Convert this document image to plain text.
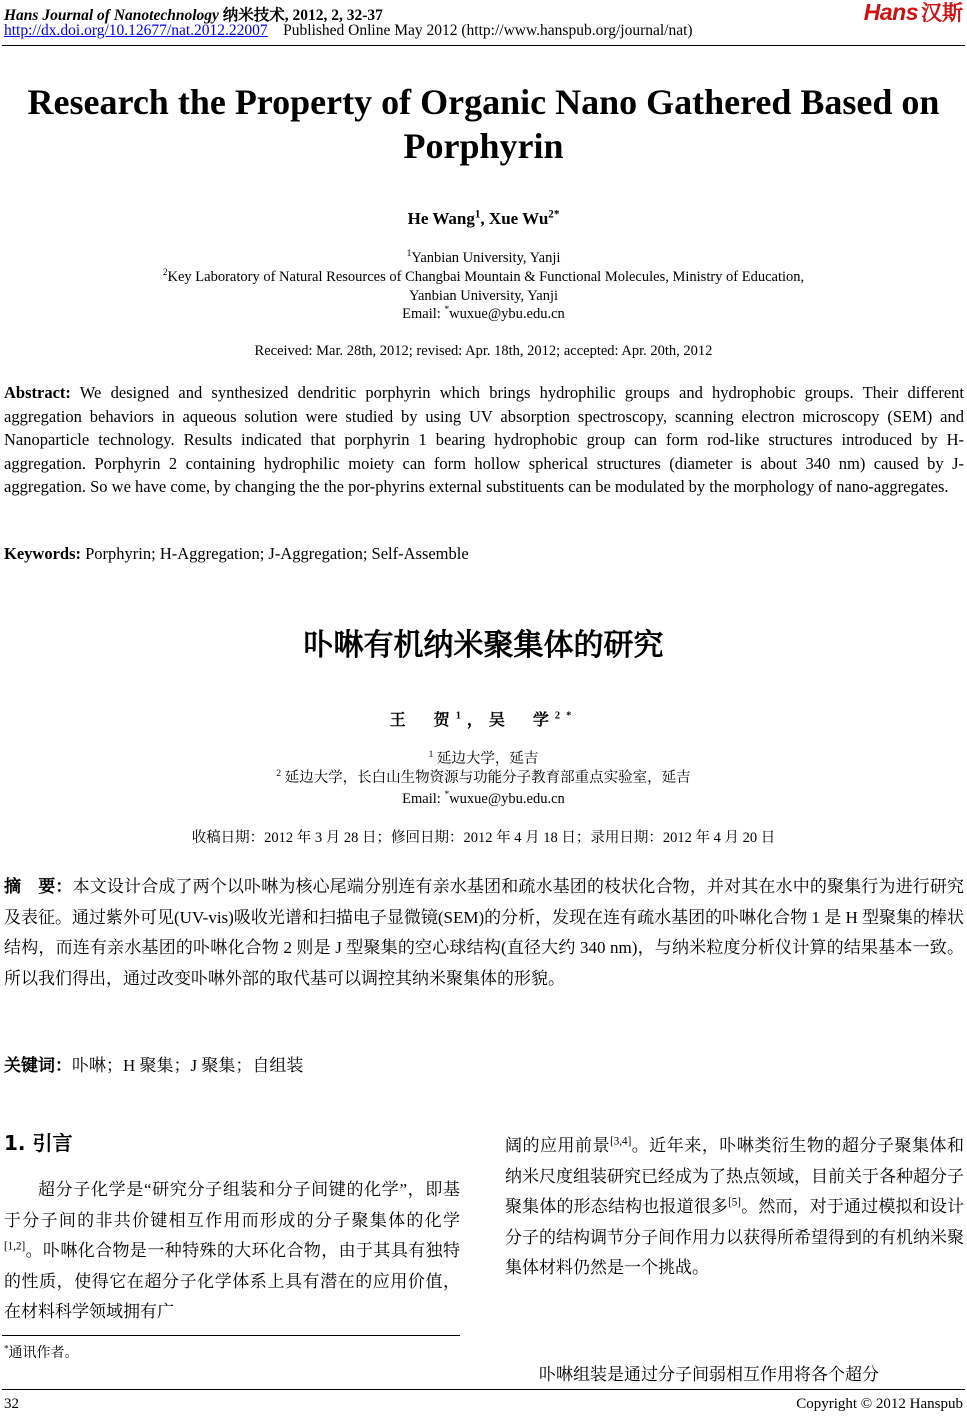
Hans Journal of Nanotechnology 纳米技术, 2012, 2, 32-37
http://dx.doi.org/10.12677/nat.2012.22007 Published Online May 2012 (http://www.hanspub.org/journal/nat)
Hans 汉斯
Research the Property of Organic Nano Gathered Based on Porphyrin
He Wang$^1$, Xue $Wu^{2*}$
$^1$Yanbian University, Yanji
$^2$Key Laboratory of Natural Resources of Changbai Mountain & Functional Molecules, Ministry of Education,
Yanbian University, Yanji
Email: *wuxue@ybu.edu.cn
Received: Mar. 28th, 2012; revised: Apr. 18th, 2012; accepted: Apr. 20th, 2012
Abstract: We designed and synthesized dendritic porphyrin which brings hydrophilic groups and hydrophobic groups. Their different aggregation behaviors in aqueous solution were studied by using UV absorption spectroscopy, scanning electron microscopy (SEM) and Nanoparticle technology. Results indicated that porphyrin 1 bearing hydrophobic group can form rod-like structures introduced by H-aggregation. Porphyrin 2 containing hydrophilic moiety can form hollow spherical structures (diameter is about 340 nm) caused by J-aggregation. So we have come, by changing the the por-phyrins external substituents can be modulated by the morphology of nano-aggregates.
Keywords: Porphyrin; H-Aggregation; J-Aggregation; Self-Assemble
卟啉有机纳米聚集体的研究
王　贺$^1$，吴　学$^{2*}$
$^1$ 延边大学，延吉
$^2$ 延边大学，长白山生物资源与功能分子教育部重点实验室，延吉
Email: *wuxue@ybu.edu.cn
收稿日期：2012 年 3 月 28 日；修回日期：2012 年 4 月 18 日；录用日期：2012 年 4 月 20 日
摘　要：本文设计合成了两个以卟啉为核心尾端分别连有亲水基团和疏水基团的枝状化合物，并对其在水中的聚集行为进行研究及表征。通过紫外可见(UV-vis)吸收光谱和扫描电子显微镜(SEM)的分析，发现在连有疏水基团的卟啉化合物 1 是 H 型聚集的棒状结构，而连有亲水基团的卟啉化合物 2 则是 J 型聚集的空心球结构(直径大约 340 nm)，与纳米粒度分析仪计算的结果基本一致。所以我们得出，通过改变卟啉外部的取代基可以调控其纳米聚集体的形貌。
关键词：卟啉；H 聚集；J 聚集；自组装
1. 引言
超分子化学是“研究分子组装和分子间键的化学”，即基于分子间的非共价键相互作用而形成的分子聚集体的化学[1,2]。卟啉化合物是一种特殊的大环化合物，由于其具有独特的性质，使得它在超分子化学体系上具有潜在的应用价值，在材料科学领域拥有广
阔的应用前景[3,4]。近年来，卟啉类衍生物的超分子聚集体和纳米尺度组装研究已经成为了热点领域，目前关于各种超分子聚集体的形态结构也报道很多[5]。然而，对于通过模拟和设计分子的结构调节分子间作用力以获得所希望得到的有机纳米聚集体材料仍然是一个挑战。
卟啉组装是通过分子间弱相互作用将各个超分
*通讯作者。
32	Copyright © 2012 Hanspub
